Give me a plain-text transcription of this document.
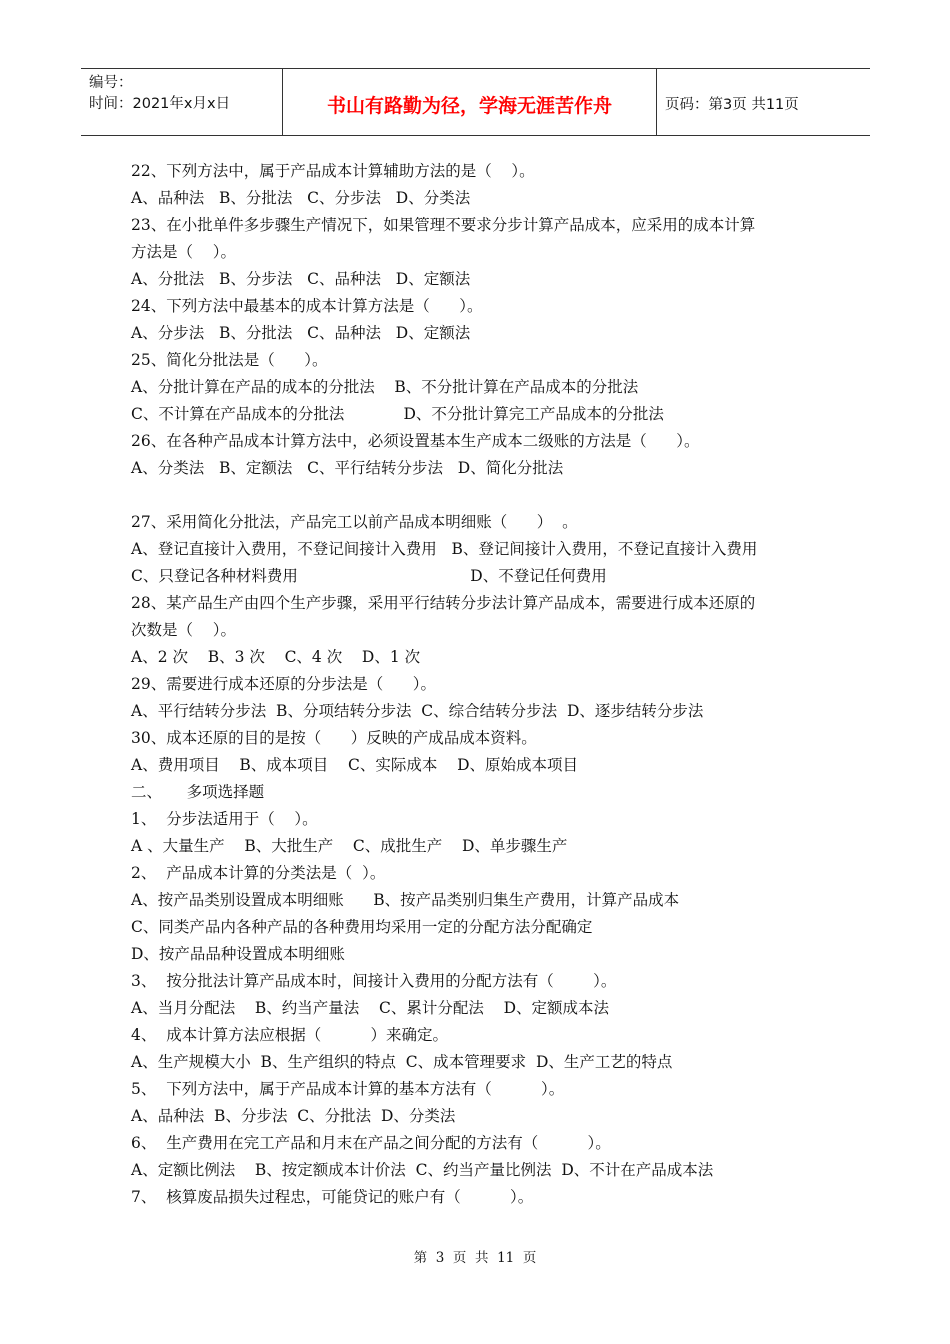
编号：
时间：2021年x月x日	书山有路勤为径，学海无涯苦作舟	页码：第3页 共11页
22、下列方法中，属于产品成本计算辅助方法的是（    ）。
A、品种法   B、分批法   C、分步法   D、分类法
23、在小批单件多步骤生产情况下，如果管理不要求分步计算产品成本，应采用的成本计算
方法是（    ）。
A、分批法   B、分步法   C、品种法   D、定额法
24、下列方法中最基本的成本计算方法是（      ）。
A、分步法   B、分批法   C、品种法   D、定额法
25、简化分批法是（      ）。
A、分批计算在产品的成本的分批法    B、不分批计算在产品成本的分批法
C、不计算在产品成本的分批法            D、不分批计算完工产品成本的分批法
26、在各种产品成本计算方法中，必须设置基本生产成本二级账的方法是（      ）。
A、分类法   B、定额法   C、平行结转分步法   D、简化分批法
27、采用简化分批法，产品完工以前产品成本明细账（      ）  。
A、登记直接计入费用，不登记间接计入费用   B、登记间接计入费用，不登记直接计入费用
C、只登记各种材料费用                                   D、不登记任何费用
28、某产品生产由四个生产步骤，采用平行结转分步法计算产品成本，需要进行成本还原的
次数是（    ）。
A、2 次    B、3 次    C、4 次    D、1 次
29、需要进行成本还原的分步法是（      ）。
A、平行结转分步法  B、分项结转分步法  C、综合结转分步法  D、逐步结转分步法
30、成本还原的目的是按（      ）反映的产成品成本资料。
A、费用项目    B、成本项目    C、实际成本    D、原始成本项目
二、     多项选择题
1、  分步法适用于（    ）。
A 、大量生产    B、大批生产    C、成批生产    D、单步骤生产
2、  产品成本计算的分类法是（  ）。
A、按产品类别设置成本明细账      B、按产品类别归集生产费用，计算产品成本
C、同类产品内各种产品的各种费用均采用一定的分配方法分配确定
D、按产品品种设置成本明细账
3、  按分批法计算产品成本时，间接计入费用的分配方法有（        ）。
A、当月分配法    B、约当产量法    C、累计分配法    D、定额成本法
4、  成本计算方法应根据（          ）来确定。
A、生产规模大小  B、生产组织的特点  C、成本管理要求  D、生产工艺的特点
5、  下列方法中，属于产品成本计算的基本方法有（          ）。
A、品种法  B、分步法  C、分批法  D、分类法
6、  生产费用在完工产品和月末在产品之间分配的方法有（          ）。
A、定额比例法    B、按定额成本计价法  C、约当产量比例法  D、不计在产品成本法
7、  核算废品损失过程忠，可能贷记的账户有（          ）。
第  3  页  共  11  页
